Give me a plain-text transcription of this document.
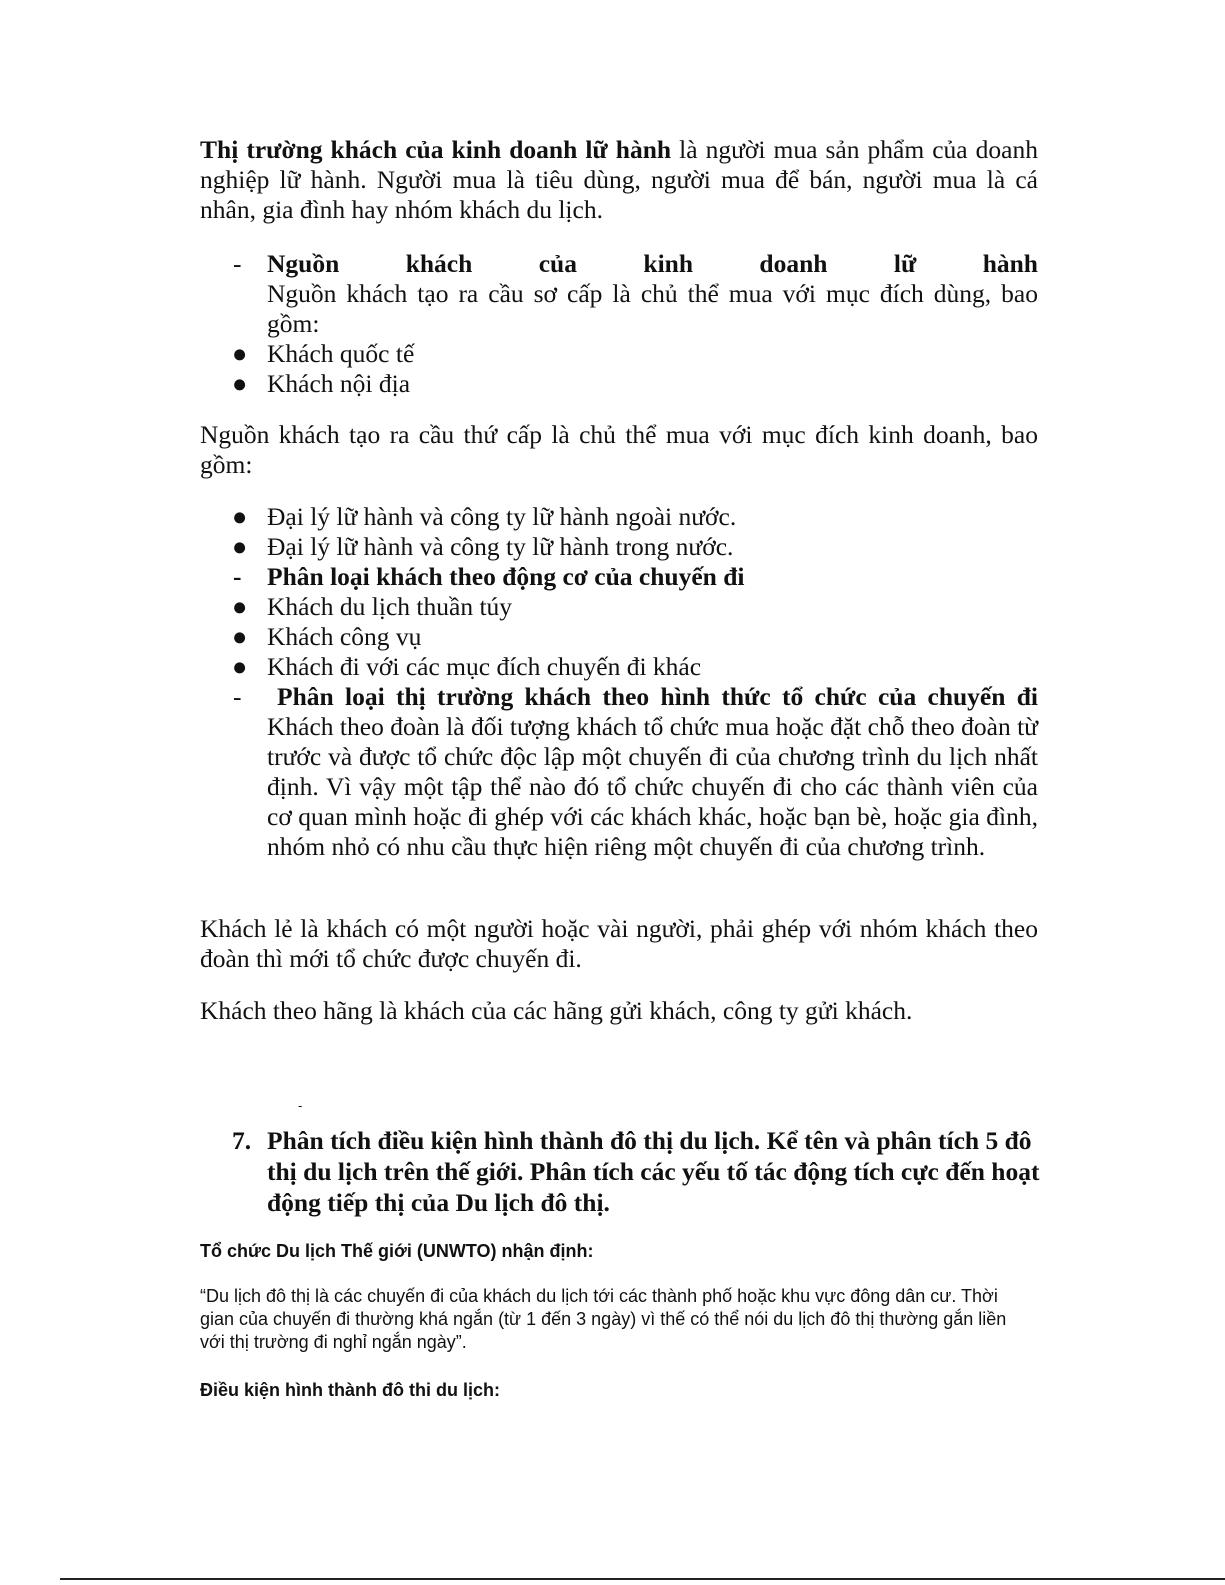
Thị trường khách của kinh doanh lữ hành là người mua sản phẩm của doanh nghiệp lữ hành. Người mua là tiêu dùng, người mua để bán, người mua là cá nhân, gia đình hay nhóm khách du lịch.
- Nguồn khách của kinh doanh lữ hành
Nguồn khách tạo ra cầu sơ cấp là chủ thể mua với mục đích dùng, bao gồm:
● Khách quốc tế
● Khách nội địa
Nguồn khách tạo ra cầu thứ cấp là chủ thể mua với mục đích kinh doanh, bao gồm:
● Đại lý lữ hành và công ty lữ hành ngoài nước.
● Đại lý lữ hành và công ty lữ hành trong nước.
- Phân loại khách theo động cơ của chuyến đi
● Khách du lịch thuần túy
● Khách công vụ
● Khách đi với các mục đích chuyến đi khác
-	Phân loại thị trường khách theo hình thức tổ chức của chuyến đi
Khách theo đoàn là đối tượng khách tổ chức mua hoặc đặt chỗ theo đoàn từ trước và được tổ chức độc lập một chuyến đi của chương trình du lịch nhất định. Vì vậy một tập thể nào đó tổ chức chuyến đi cho các thành viên của cơ quan mình hoặc đi ghép với các khách khác, hoặc bạn bè, hoặc gia đình, nhóm nhỏ có nhu cầu thực hiện riêng một chuyến đi của chương trình.
Khách lẻ là khách có một người hoặc vài người, phải ghép với nhóm khách theo đoàn thì mới tổ chức được chuyến đi.
Khách theo hãng là khách của các hãng gửi khách, công ty gửi khách.
-
7. Phân tích điều kiện hình thành đô thị du lịch. Kể tên và phân tích 5 đô thị du lịch trên thế giới. Phân tích các yếu tố tác động tích cực đến hoạt động tiếp thị của Du lịch đô thị.
Tổ chức Du lịch Thế giới (UNWTO) nhận định:
“Du lịch đô thị là các chuyến đi của khách du lịch tới các thành phố hoặc khu vực đông dân cư. Thời gian của chuyến đi thường khá ngắn (từ 1 đến 3 ngày) vì thế có thể nói du lịch đô thị thường gắn liền với thị trường đi nghỉ ngắn ngày”.
Điều kiện hình thành đô thi du lịch:
